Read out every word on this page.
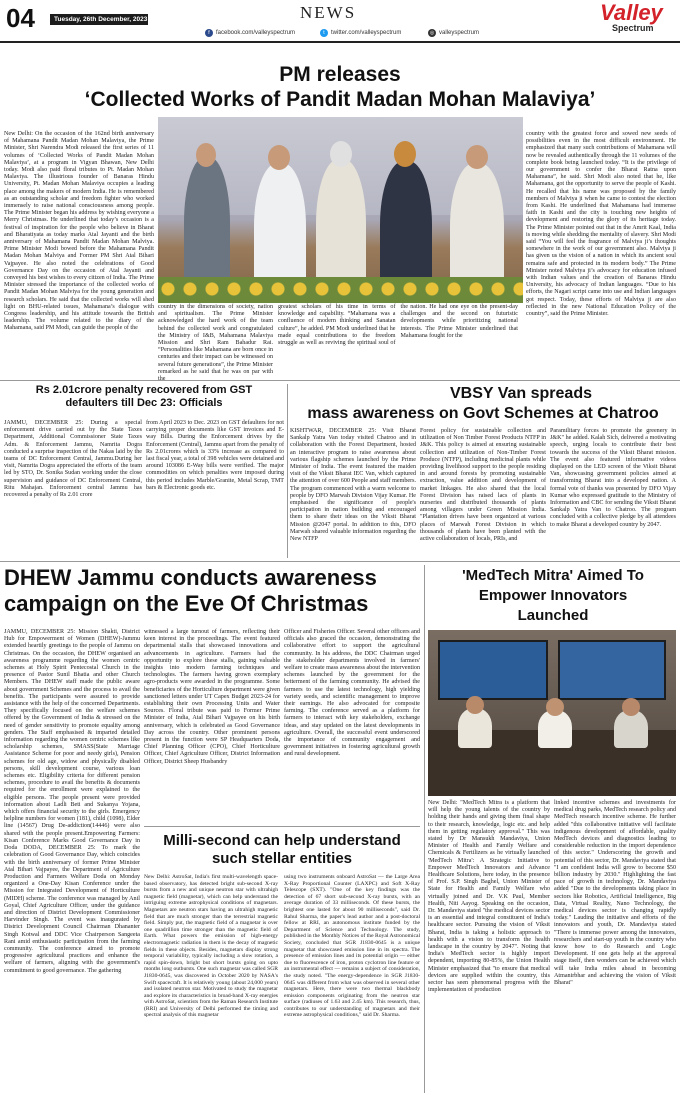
04	Tuesday, 26th December, 2023	NEWS
f	facebook.com/valleyspectrum	t	twitter.com/valleyspectrum	◎ valleyspectrum
Valley
Spectrum
PM releases
‘Collected Works of Pandit Madan Mohan Malaviya’

New Delhi: On the occasion of the 162nd birth anniversary of Mahamana Pandit Madan Mohan Malaviya, the Prime Minister, Shri Narendra Modi released the first series of 11 volumes of ‘Collected Works of Pandit Madan Mohan Malaviya’, at a program in Vigyan Bhawan, New Delhi today. Modi also paid floral tributes to Pt. Madan Mohan Malaviya. The illustrious founder of Banaras Hindu University, Pt. Madan Mohan Malaviya occupies a leading place among the makers of modern India. He is remembered as an outstanding scholar and freedom fighter who worked immensely to raise national consciousness among people. The Prime Minister began his address by wishing everyone a Merry Christmas. He underlined that today’s occasion is a festival of inspiration for the people who believe in Bharat and Bharatiyata as today marks Atal Jayanti and the birth anniversary of Mahamana Pandit Madan Mohan Malviya. Prime Minister Modi bowed before the Mahamana Pandit Madan Mohan Malviya and Former PM Shri Atal Bihari Vajpayee. He also noted the celebrations of Good Governance Day on the occasion of Atal Jayanti and conveyed his best wishes to every citizen of India. The Prime Minister stressed the importance of the collected works of Pandit Madan Mohan Malviya for the young generation and research scholars. He said that the collected works will shed light on BHU-related issues, Mahamana’s dialogue with Congress leadership, and his attitude towards the British leadership. The volume related to the diary of the Mahamana, said PM Modi, can guide the people of the

country in the dimensions of society, nation and spiritualism. The Prime Minister acknowledged the hard work of the team behind the collected work and congratulated the Ministry of I&B, Mahamana Malaviya Mission and Shri Ram Bahadur Rai. “Personalities like Mahamana are born once in centuries and their impact can be witnessed on several future generations”, the Prime Minister remarked as he said that he was on par with

greatest scholars of his time in terms of knowledge and capability. “Mahamana was a confluence of modern thinking and Sanatan culture”, he added. PM Modi underlined that he made equal contributions to the freedom struggle as well as reviving the spiritual soul of the nation. He had one eye on the present-day challenges and the second on futuristic developments while prioritizing national interests. The Prime Minister underlined that Mahamana fought for the

country with the greatest force and sowed new seeds of possibilities even in the most difficult environment. He emphasized that many such contributions of Mahamana will now be revealed authentically through the 11 volumes of the complete book being launched today. “It is the privilege of our government to confer the Bharat Ratna upon Mahamana”, he said. Shri Modi also noted that he, like Mahamana, got the opportunity to serve the people of Kashi. He recalled that his name was proposed by the family members of Malviya ji when he came to contest the election from Kashi. He underlined that Mahamana had immense faith in Kashi and the city is touching new heights of development and restoring the glory of its heritage today. The Prime Minister pointed out that in the Amrit Kaal, India is moving while shedding the mentality of slavery. Shri Modi said “You will feel the fragrance of Malviya ji’s thoughts somewhere in the work of our government also. Malviya ji has given us the vision of a nation in which its ancient soul remains safe and protected in its modern body.” The Prime Minister noted Malviya ji’s advocacy for education infused with Indian values and the creation of Banaras Hindu University, his advocacy of Indian languages. “Due to his efforts, the Nagari script came into use and Indian languages got respect. Today, these efforts of Malviya ji are also reflected in the new National Education Policy of the country”, said the Prime Minister.

Rs 2.01crore penalty recovered from GST
defaulters till Dec 23: Officials

JAMMU, DECEMBER 25: During a special enforcement drive carried out by the State Taxes Department, Additional Commissioner State Taxes Adm. & Enforcement Jammu, Namrita Dogra conducted a surprise inspection of the Nakas laid by the teams of DC Enforcement Central, Jammu.During her visit, Namrita Dogra appreciated the efforts of the team led by STO, Dr. Sonika Sudan working under the close supervision and guidance of DC Enforcement Central, Ritu Mahajan. Enforcement central Jammu has recovered a penalty of Rs 2.01 crore

from April 2023 to Dec. 2023 on GST defaulters for not carrying proper documents like GST invoices and E-way Bills. During the Enforcement drives by the Enforcement (Central), Jammu apart from the penalty of Rs 2.01crores which is 33% increase as compared to last fiscal year, a total of 398 vehicles were detained and around 103086 E-Way bills were verified. The major commodities on which penalties were imposed during this period includes Marble/Granite, Metal Scrap, TMT bars & Electronic goods etc.

VBSY Van spreads
mass awareness on Govt Schemes at Chatroo

KISHTWAR, DECEMBER 25: Visit Bharat Sankalp Yatra Van today visited Chatroo and in collaboration with the Forest Department, hosted an interactive program to raise awareness about various flagship schemes launched by the Prime Minister of India. The event featured the maiden visit of the Viksit Bharat IEC Van, which captured the attention of over 600 People and staff members. The program commenced with a warm welcome to people by DFO Marwah Division Vijay Kumar. He emphasised the significance of people's participation in nation building and encouraged them to share their ideas on the Viksit Bharat Mission @2047 portal. In addition to this, DFO Marwah shared valuable information regarding the New NTFP

Forest policy for sustainable collection and utilization of Non Timber Forest Products NTFP in J&K. This policy is aimed at ensuring sustainable collection and utilization of Non-Timber Forest Produce (NTFP), including medicinal plants while providing livelihood support to the people residing in and around forests by promoting sustainable extraction, value addition and development of market linkages. He also shared that the local Forest Division has raised lacs of plants in nurseries and distributed thousands of plants among villagers under Green Mission India. "Plantation drives have been organized at various places of Marwah Forest Division in which thousands of plants have been planted with the active collaboration of locals, PRIs, and

Paramilitary forces to promote the greenery in J&K" he added. Kalah Sich, delivered a motivating speech, urging locals to contribute their best towards the success of the Viksit Bharat mission. The event also featured informative videos displayed on the LED screen of the Viksit Bharat Van, showcasing government policies aimed at transforming Bharat into a developed nation. A formal vote of thanks was presented by DFO Vijay Kumar who expressed gratitude to the Ministry of Information and CBC for sending the Viksit Bharat Sankalp Yatra Van to Chatroo. The program concluded with a collective pledge by all attendees to make Bharat a developed country by 2047.

DHEW Jammu conducts awareness
campaign on the Eve Of Christmas

JAMMU, DECEMBER 25: Mission Shakti, District Hub for Empowerment of Women (DHEW)-Jammu extended heartily greetings to the people of Jammu on Christmas. On the occasion, the DHEW organised an awareness programme regarding the women centric schemes at Holy Spirit Pentecostal Church in the presence of Pastor Sunil Bhatia and other Church Members. The DHEW staff made the public aware about government Schemes and the process to avail the benefits. The participants were assured to provide assistance with the help of the concerned Departments. They specifically focused on the welfare schemes offered by the Government of India & stressed on the need of gender sensitivity to promote equality among genders. The Staff emphasised & imparted detailed information regarding the women centric schemes like scholarship schemes, SMASS(State Marriage Assistance Scheme for poor and needy girls), Pension schemes for old age, widow and physically disabled persons, skill development course, various loan schemes etc. Eligibility criteria for different pension schemes, procedure to avail the benefits & documents required for the enrollment were explained to the eligible persons. The people present were provided information about Ladli Beti and Sukanya Yojana, which offers financial security to the girls. Emergency helpline numbers for women (181), child (1098), Elder line (14567) Drug De-addiction(14446) were also shared with the people present.Empowering Farmers: Kisan Conference Marks Good Governance Day in Doda DODA, DECEMBER 25: To mark the celebration of Good Governance Day, which coincides with the birth anniversary of former Prime Minister Atal Bihari Vajpayee, the Department of Agriculture Production and Farmers Welfare Doda on Monday organized a One-Day Kisan Conference under the Mission for Integrated Development of Horticulture (MIDH) scheme. The conference was managed by Anil Goyal, Chief Agriculture Officer, under the guidance and direction of District Development Commissioner Harvinder Singh. The event was inaugurated by District Development Council Chairman Dhananter Singh Kotwal and DDC Vice Chairperson Sangeeta Rani amid enthusiastic participation from the farming community. The conference aimed to promote progressive agricultural practices and enhance the welfare of farmers, aligning with the government's commitment to good governance. The gathering

witnessed a large turnout of farmers, reflecting their keen interest in the proceedings. The event featured departmental stalls that showcased innovations and advancements in agriculture. Farmers had the opportunity to explore these stalls, gaining valuable insights into modern farming techniques and technologies. The farmers having grown exemplary agro-products were awarded in the programme. Some beneficiaries of the Horticulture department were given sanctioned letters under UT Capex Budget 2023-24 for establishing their own Processing Units and Water Sources. Floral tribute was paid to Former Prime Minister of India, Atal Bihari Vajpayee on his birth anniversary, which is celebrated as Good Governance Day across the country. Other prominent persons present in the function were SP Headquarters Doda, Chief Planning Officer (CPO), Chief Horticulture Officer, Chief Agriculture Officer, District Information Officer, District Sheep Husbandry

Officer and Fisheries Officer. Several other officers and officials also graced the occasion, demonstrating the collaborative effort to support the agricultural community. In his address, the DDC Chairman urged the stakeholder departments involved in farmers' welfare to create mass awareness about the intervention schemes launched by the government for the betterment of the farming community. He advised the farmers to use the latest technology, high yielding variety seeds, and scientific management to improve their earnings. He also advocated for composite farming. The conference served as a platform for farmers to interact with key stakeholders, exchange ideas, and stay updated on the latest developments in agriculture. Overall, the successful event underscored the importance of community engagement and government initiatives in fostering agricultural growth and rural development.

Milli-second can help understand
such stellar entities

New Delhi: AstroSat, India's first multi-wavelength space-based observatory, has detected bright sub-second X-ray bursts from a new and unique neutron star with ultrahigh magnetic field (magnetar), which can help understand the intriguing extreme astrophysical conditions of magnetars. Magnetars are neutron stars having an ultrahigh magnetic field that are much stronger than the terrestrial magnetic field. Simply put, the magnetic field of a magnetar is over one quadrillion time stronger than the magnetic field of Earth. What powers the emission of high-energy electromagnetic radiation in them is the decay of magnetic fields in these objects. Besides, magnetars display strong temporal variability, typically including a slow rotation, a rapid spin-down, bright but short bursts going on upto months long outbursts. One such magnetar was called SGR J1830-0645, was discovered in October 2020 by NASA's Swift spacecraft. It is relatively young (about 24,000 years) and isolated neutron star. Motivated to study the magnetar and explore its characteristics in broad-band X-ray energies with AstroSat, scientists from the Raman Research Institute (RRI) and University of Delhi performed the timing and spectral analysis of this magnetar

using two instruments onboard AstroSat — the Large Area X-Ray Proportional Counter (LAXPC) and Soft X-Ray Telescope (SXT). "One of the key findings was the detection of 67 short sub-second X-ray bursts, with an average duration of 33 milliseconds. Of these bursts, the brightest one lasted for about 90 milliseconds", said Dr. Rahul Sharma, the paper's lead author and a post-doctoral fellow at RRI, an autonomous institute funded by the Department of Science and Technology. The study, published in the Monthly Notices of the Royal Astronomical Society, concluded that SGR J1830-0645 is a unique magnetar that showcased emission line in its spectra. The presence of emission lines and its potential origin — either due to fluorescence of iron, proton cyclotron line feature or an instrumental effect — remains a subject of consideration, the study noted. "The energy-dependence in SGR J1830-0645 was different from what was observed in several other magnetars. Here, there were two thermal blackbody emission components originating from the neutron star surface (radiuses of 1.63 and 2.45 km). This research, thus, contributes to our understanding of magnetars and their extreme astrophysical conditions," said Dr. Sharma.

'MedTech Mitra' Aimed To
Empower Innovators
Launched

New Delhi: "MedTech Mitra is a platform that will help the young talents of the country by holding their hands and giving them final shape to their research, knowledge, logic etc. and help them in getting regulatory approval." This was stated by Dr Mansukh Mandaviya, Union Minister of Health and Family Welfare and Chemicals & Fertilizers as he virtually launched 'MedTech Mitra': A Strategic Initiative to Empower MedTech Innovators and Advance Healthcare Solutions, here today, in the presence of Prof. S.P. Singh Baghel, Union Minister of State for Health and Family Welfare who virtually joined and Dr. V.K Paul, Member Health, Niti Aayog. Speaking on the occasion, Dr. Mandaviya stated "the medical devices sector is an essential and integral constituent of India's healthcare sector. Pursuing the vision of Viksit Bharat, India is taking a holistic approach to health with a vision to transform the health landscape in the country by 2047". Noting that India's MedTech sector is highly import dependent, importing 80-85%, the Union Health Minister emphasized that "to ensure that medical devices are supplied within the country, this sector has seen phenomenal progress with the implementation of production

linked incentive schemes and investments for medical drug parks, MedTech research policy and MedTech research incentive scheme. He further added "this collaborative initiative will facilitate indigenous development of affordable, quality MedTech devices and diagnostics leading to considerable reduction in the import dependence of this sector." Underscoring the growth and potential of this sector, Dr. Mandaviya stated that "I am confident India will grow to become $50 billion industry by 2030." Highlighting the fast pace of growth in technology, Dr. Mandaviya added "Due to the developments taking place in sectors like Robotics, Artificial Intelligence, Big Data, Virtual Reality, Nano Technology, the medical devices sector is changing rapidly today." Lauding the initiative and efforts of the innovators and youth, Dr. Mandaviya stated "There is immense power among the innovators, researchers and start-up youth in the country who know how to do Research and Logic Development. If one gets help at the approval stage itself, then wonders can be achieved which will take India miles ahead in becoming Atmanirbhar and achieving the vision of Viksit Bharat"
